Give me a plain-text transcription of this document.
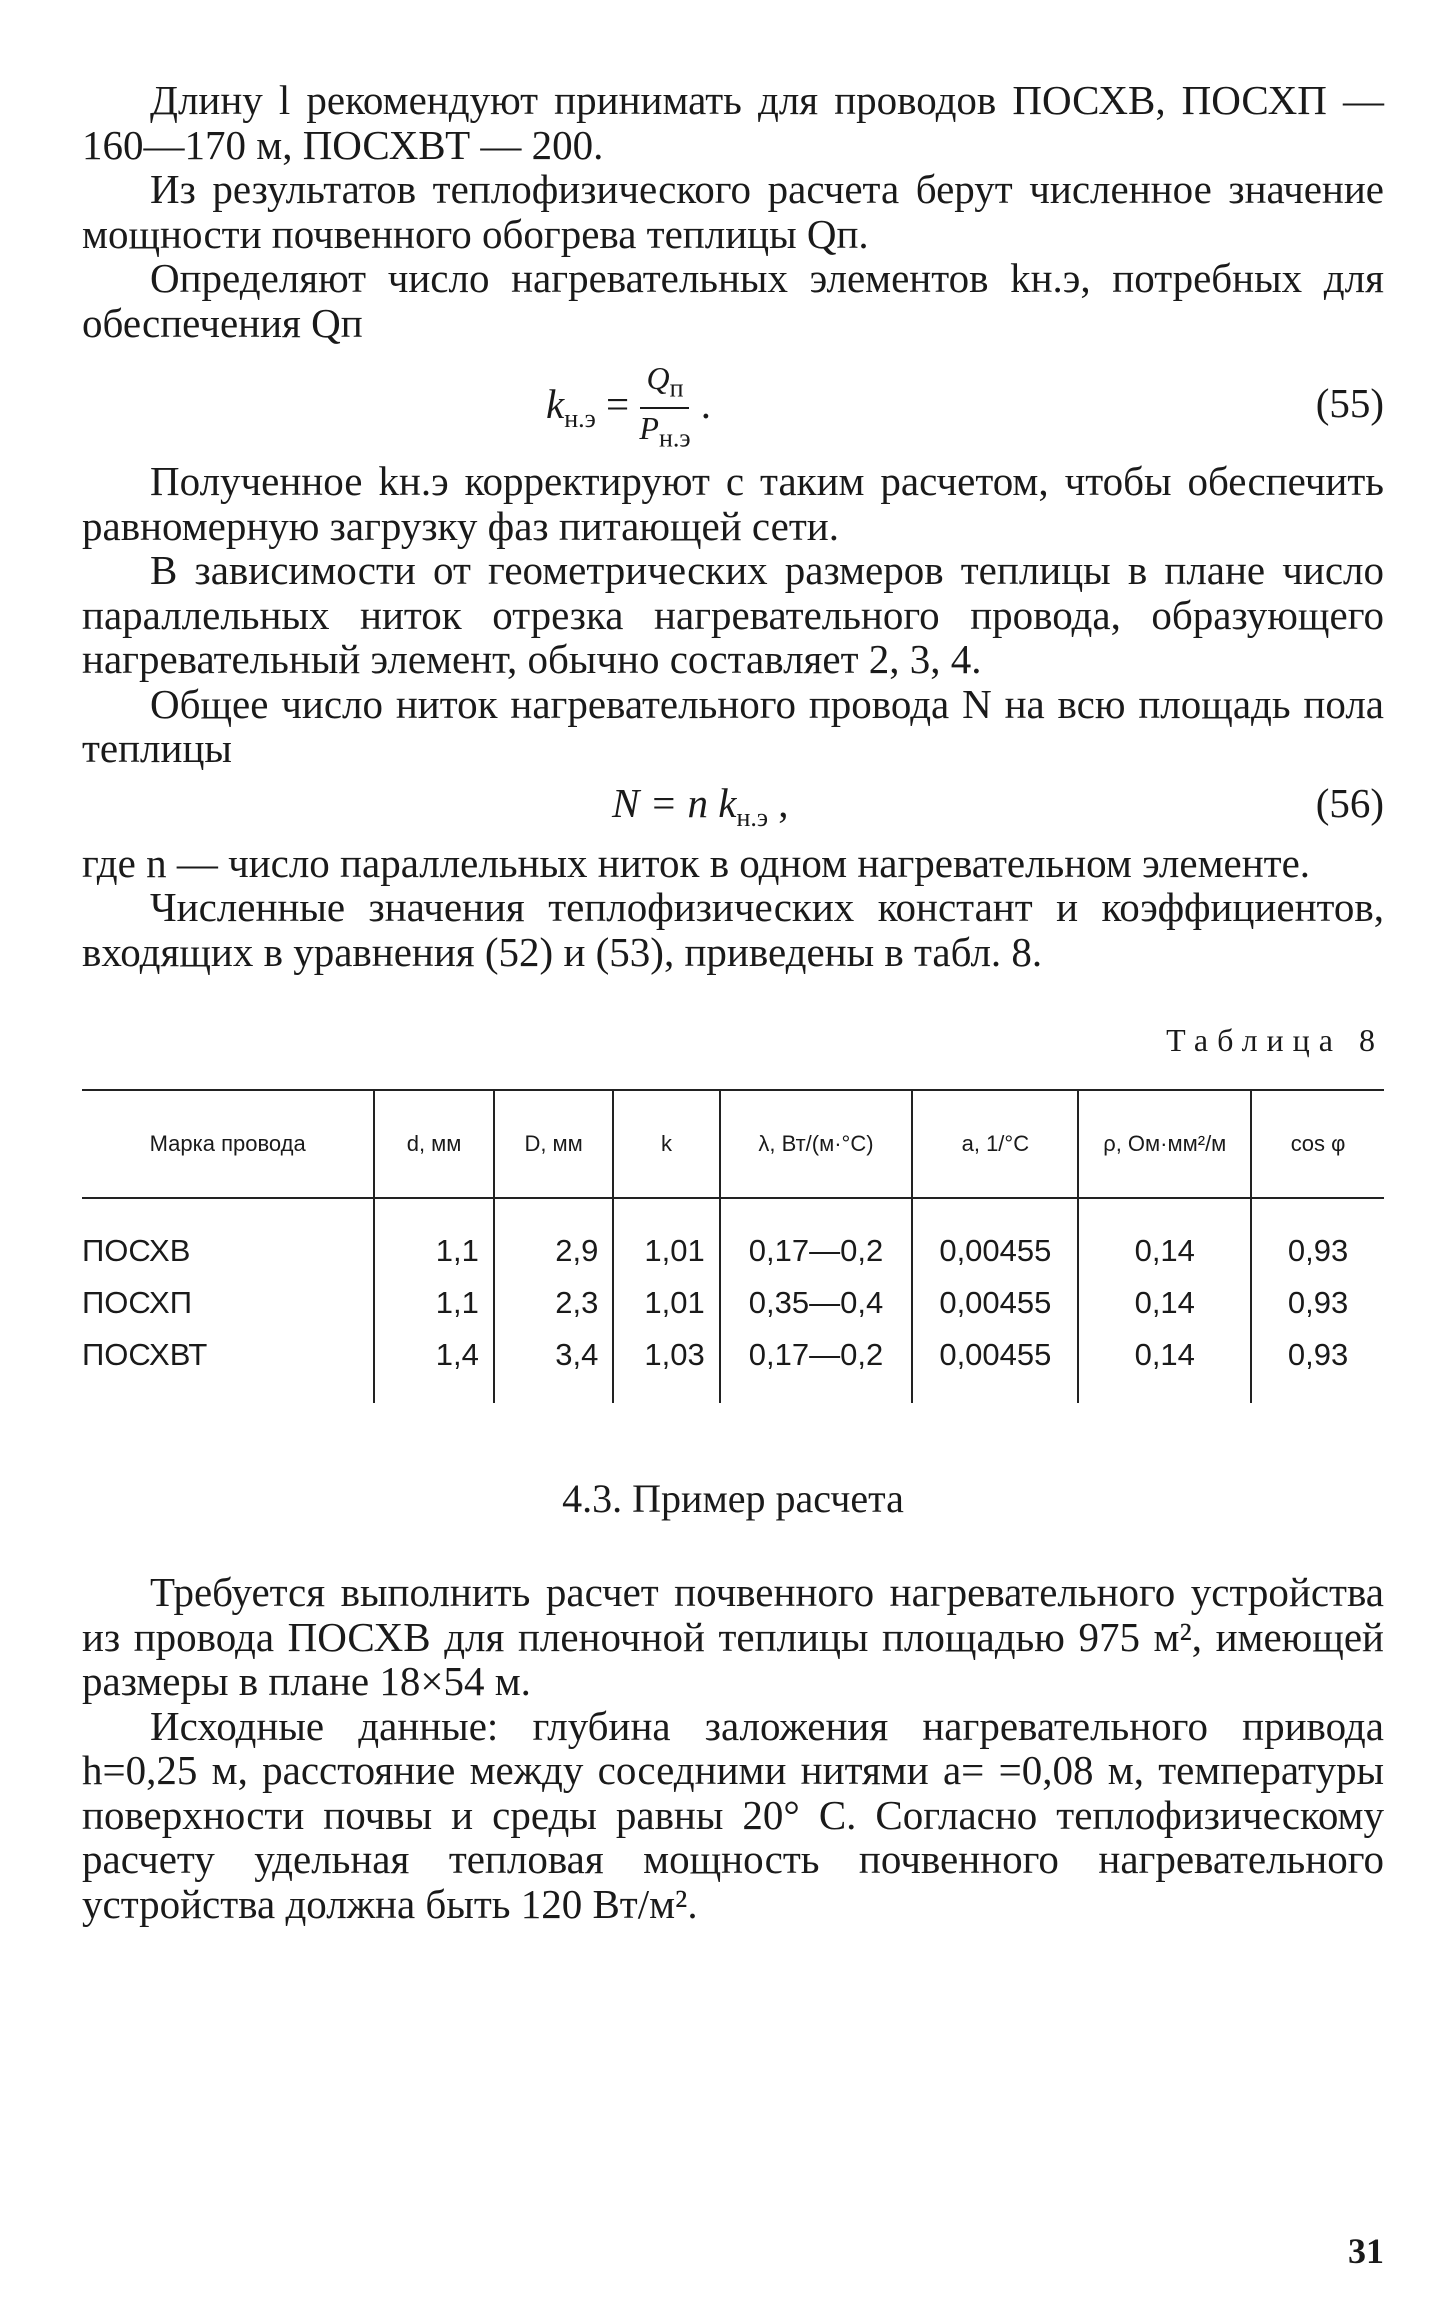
Длину l рекомендуют принимать для проводов ПОСХВ, ПОСХП — 160—170 м, ПОСХВТ — 200.

Из результатов теплофизического расчета берут численное значение мощности почвенного обогрева теплицы Qп.

Определяют число нагревательных элементов kн.э, потребных для обеспечения Qп

$k_{н.э} = \frac{Q_п}{P_{н.э}}$ .	(55)

Полученное kн.э корректируют с таким расчетом, чтобы обеспечить равномерную загрузку фаз питающей сети.

В зависимости от геометрических размеров теплицы в плане число параллельных ниток отрезка нагревательного провода, образующего нагревательный элемент, обычно составляет 2, 3, 4.

Общее число ниток нагревательного провода N на всю площадь пола теплицы

N = n $k_{н.э}$ ,	(56)

где n — число параллельных ниток в одном нагревательном элементе.

Численные значения теплофизических констант и коэффициентов, входящих в уравнения (52) и (53), приведены в табл. 8.

Таблица 8
Марка провода	d, мм	D, мм	k	λ, Вт/(м·°С)	a, 1/°С	ρ, Ом·мм²/м	cos φ
ПОСХВ	1,1	2,9	1,01	0,17—0,2	0,00455	0,14	0,93
ПОСХП	1,1	2,3	1,01	0,35—0,4	0,00455	0,14	0,93
ПОСХВТ	1,4	3,4	1,03	0,17—0,2	0,00455	0,14	0,93
4.3. Пример расчета

Требуется выполнить расчет почвенного нагревательного устройства из провода ПОСХВ для пленочной теплицы площадью 975 м², имеющей размеры в плане 18×54 м.

Исходные данные: глубина заложения нагревательного привода h=0,25 м, расстояние между соседними нитями a= =0,08 м, температуры поверхности почвы и среды равны 20° С. Согласно теплофизическому расчету удельная тепловая мощность почвенного нагревательного устройства должна быть 120 Вт/м².

31
